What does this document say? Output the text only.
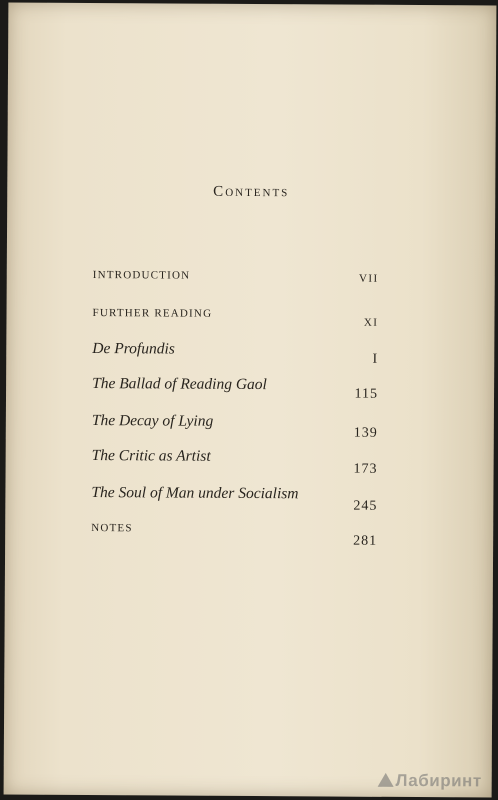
Contents
INTRODUCTION	VII
FURTHER READING
XI
De Profundis
I
The Ballad of Reading Gaol
115
The Decay of Lying
139
The Critic as Artist
173
The Soul of Man under Socialism
245
NOTES
281
Лабиринт
